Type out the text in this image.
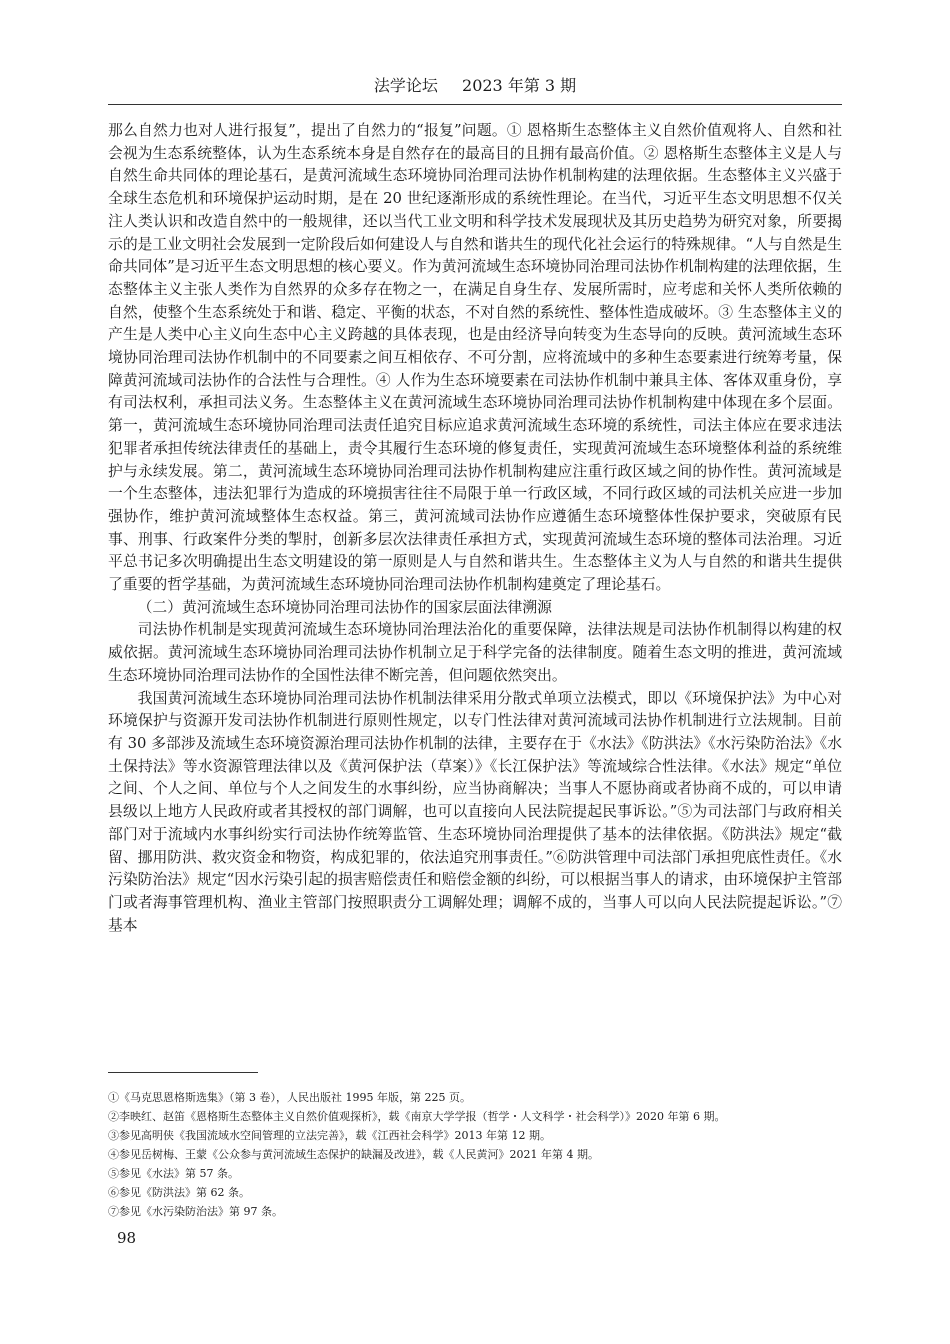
法学论坛 2023 年第 3 期

那么自然力也对人进行报复”，提出了自然力的“报复”问题。① 恩格斯生态整体主义自然价值观将人、自然和社会视为生态系统整体，认为生态系统本身是自然存在的最高目的且拥有最高价值。② 恩格斯生态整体主义是人与自然生命共同体的理论基石，是黄河流域生态环境协同治理司法协作机制构建的法理依据。生态整体主义兴盛于全球生态危机和环境保护运动时期，是在 20 世纪逐渐形成的系统性理论。在当代，习近平生态文明思想不仅关注人类认识和改造自然中的一般规律，还以当代工业文明和科学技术发展现状及其历史趋势为研究对象，所要揭示的是工业文明社会发展到一定阶段后如何建设人与自然和谐共生的现代化社会运行的特殊规律。“人与自然是生命共同体”是习近平生态文明思想的核心要义。作为黄河流域生态环境协同治理司法协作机制构建的法理依据，生态整体主义主张人类作为自然界的众多存在物之一，在满足自身生存、发展所需时，应考虑和关怀人类所依赖的自然，使整个生态系统处于和谐、稳定、平衡的状态，不对自然的系统性、整体性造成破坏。③ 生态整体主义的产生是人类中心主义向生态中心主义跨越的具体表现，也是由经济导向转变为生态导向的反映。黄河流域生态环境协同治理司法协作机制中的不同要素之间互相依存、不可分割，应将流域中的多种生态要素进行统筹考量，保障黄河流域司法协作的合法性与合理性。④ 人作为生态环境要素在司法协作机制中兼具主体、客体双重身份，享有司法权利，承担司法义务。生态整体主义在黄河流域生态环境协同治理司法协作机制构建中体现在多个层面。第一，黄河流域生态环境协同治理司法责任追究目标应追求黄河流域生态环境的系统性，司法主体应在要求违法犯罪者承担传统法律责任的基础上，责令其履行生态环境的修复责任，实现黄河流域生态环境整体利益的系统维护与永续发展。第二，黄河流域生态环境协同治理司法协作机制构建应注重行政区域之间的协作性。黄河流域是一个生态整体，违法犯罪行为造成的环境损害往往不局限于单一行政区域，不同行政区域的司法机关应进一步加强协作，维护黄河流域整体生态权益。第三，黄河流域司法协作应遵循生态环境整体性保护要求，突破原有民事、刑事、行政案件分类的掣肘，创新多层次法律责任承担方式，实现黄河流域生态环境的整体司法治理。习近平总书记多次明确提出生态文明建设的第一原则是人与自然和谐共生。生态整体主义为人与自然的和谐共生提供了重要的哲学基础，为黄河流域生态环境协同治理司法协作机制构建奠定了理论基石。

（二）黄河流域生态环境协同治理司法协作的国家层面法律溯源

司法协作机制是实现黄河流域生态环境协同治理法治化的重要保障，法律法规是司法协作机制得以构建的权威依据。黄河流域生态环境协同治理司法协作机制立足于科学完备的法律制度。随着生态文明的推进，黄河流域生态环境协同治理司法协作的全国性法律不断完善，但问题依然突出。

我国黄河流域生态环境协同治理司法协作机制法律采用分散式单项立法模式，即以《环境保护法》为中心对环境保护与资源开发司法协作机制进行原则性规定，以专门性法律对黄河流域司法协作机制进行立法规制。目前有 30 多部涉及流域生态环境资源治理司法协作机制的法律，主要存在于《水法》《防洪法》《水污染防治法》《水土保持法》等水资源管理法律以及《黄河保护法（草案）》《长江保护法》等流域综合性法律。《水法》规定“单位之间、个人之间、单位与个人之间发生的水事纠纷，应当协商解决；当事人不愿协商或者协商不成的，可以申请县级以上地方人民政府或者其授权的部门调解，也可以直接向人民法院提起民事诉讼。”⑤为司法部门与政府相关部门对于流域内水事纠纷实行司法协作统筹监管、生态环境协同治理提供了基本的法律依据。《防洪法》规定“截留、挪用防洪、救灾资金和物资，构成犯罪的，依法追究刑事责任。”⑥防洪管理中司法部门承担兜底性责任。《水污染防治法》规定“因水污染引起的损害赔偿责任和赔偿金额的纠纷，可以根据当事人的请求，由环境保护主管部门或者海事管理机构、渔业主管部门按照职责分工调解处理；调解不成的，当事人可以向人民法院提起诉讼。”⑦基本

①《马克思恩格斯选集》（第 3 卷），人民出版社 1995 年版，第 225 页。

②李映红、赵笛《恩格斯生态整体主义自然价值观探析》，载《南京大学学报（哲学・人文科学・社会科学）》2020 年第 6 期。

③参见高明侠《我国流域水空间管理的立法完善》，载《江西社会科学》2013 年第 12 期。

④参见岳树梅、王蒙《公众参与黄河流域生态保护的缺漏及改进》，载《人民黄河》2021 年第 4 期。

⑤参见《水法》第 57 条。

⑥参见《防洪法》第 62 条。

⑦参见《水污染防治法》第 97 条。

98
